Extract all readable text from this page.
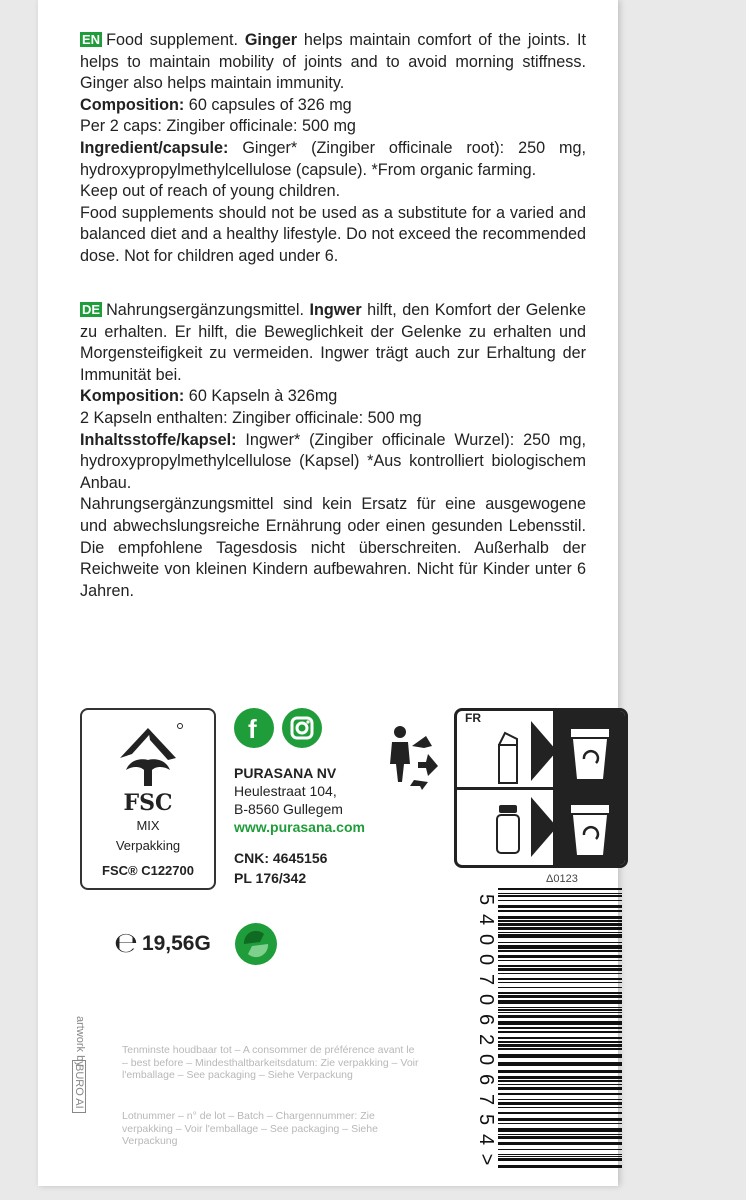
EN Food supplement. Ginger helps maintain comfort of the joints. It helps to maintain mobility of joints and to avoid morning stiffness. Ginger also helps maintain immunity.

Composition: 60 capsules of 326 mg

Per 2 caps: Zingiber officinale: 500 mg

Ingredient/capsule: Ginger* (Zingiber officinale root): 250 mg, hydroxypropylmethylcellulose (capsule). *From organic farming.

Keep out of reach of young children.

Food supplements should not be used as a substitute for a varied and balanced diet and a healthy lifestyle. Do not exceed the recommended dose. Not for children aged under 6.

DE Nahrungsergänzungsmittel. Ingwer hilft, den Komfort der Gelenke zu erhalten. Er hilft, die Beweglichkeit der Gelenke zu erhalten und Morgensteifigkeit zu vermeiden. Ingwer trägt auch zur Erhaltung der Immunität bei.

Komposition: 60 Kapseln à 326mg

2 Kapseln enthalten: Zingiber officinale: 500 mg

Inhaltsstoffe/kapsel: Ingwer* (Zingiber officinale Wurzel): 250 mg, hydroxypropylmethylcellulose (Kapsel) *Aus kontrolliert biologischem Anbau.

Nahrungsergänzungsmittel sind kein Ersatz für eine ausgewogene und abwechslungsreiche Ernährung oder einen gesunden Lebensstil. Die empfohlene Tagesdosis nicht überschreiten. Außerhalb der Reichweite von kleinen Kindern aufbewahren. Nicht für Kinder unter 6 Jahren.

FSC
MIX
Verpakking
FSC® C122700
f
PURASANA NV
Heulestraat 104,
B-8560 Gullegem
www.purasana.com
CNK: 4645156
PL 176/342
FR
Δ0123
℮ 19,56G
Tenminste houdbaar tot – A consommer de préférence avant le – best before – Mindesthaltbarkeitsdatum: Zie verpakking – Voir l'emballage – See packaging – Siehe Verpackung
Lotnummer – n° de lot – Batch – Chargennummer: Zie verpakking – Voir l'emballage – See packaging – Siehe Verpackung
artwork by
BURO AI
5
4
0
0
7
0
6
2
0
6
7
5
4
>
